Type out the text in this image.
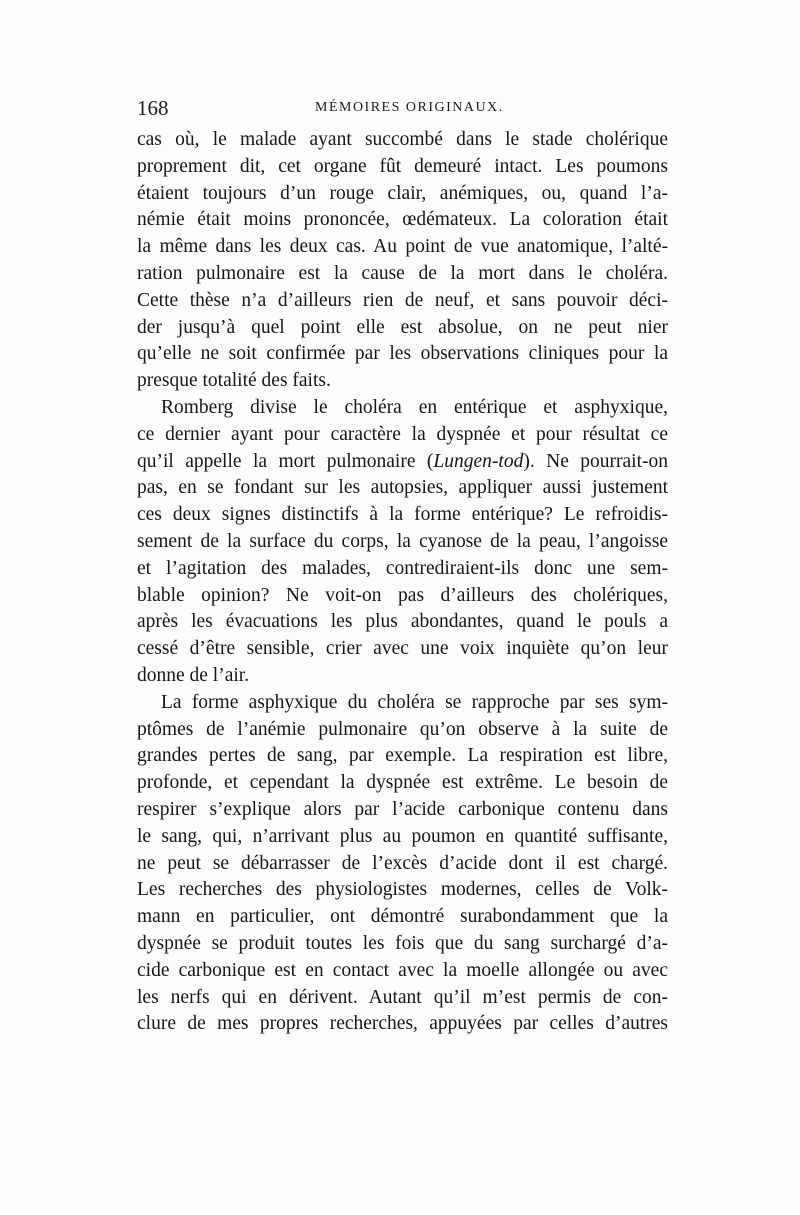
168	MÉMOIRES ORIGINAUX.
cas où, le malade ayant succombé dans le stade cholérique
proprement dit, cet organe fût demeuré intact. Les poumons
étaient toujours d’un rouge clair, anémiques, ou, quand l’a-
némie était moins prononcée, œdémateux. La coloration était
la même dans les deux cas. Au point de vue anatomique, l’alté-
ration pulmonaire est la cause de la mort dans le choléra.
Cette thèse n’a d’ailleurs rien de neuf, et sans pouvoir déci-
der jusqu’à quel point elle est absolue, on ne peut nier
qu’elle ne soit confirmée par les observations cliniques pour la
presque totalité des faits.
Romberg divise le choléra en entérique et asphyxique,
ce dernier ayant pour caractère la dyspnée et pour résultat ce
qu’il appelle la mort pulmonaire (Lungen-tod). Ne pourrait-on
pas, en se fondant sur les autopsies, appliquer aussi justement
ces deux signes distinctifs à la forme entérique? Le refroidis-
sement de la surface du corps, la cyanose de la peau, l’angoisse
et l’agitation des malades, contrediraient-ils donc une sem-
blable opinion? Ne voit-on pas d’ailleurs des cholériques,
après les évacuations les plus abondantes, quand le pouls a
cessé d’être sensible, crier avec une voix inquiète qu’on leur
donne de l’air.
La forme asphyxique du choléra se rapproche par ses sym-
ptômes de l’anémie pulmonaire qu’on observe à la suite de
grandes pertes de sang, par exemple. La respiration est libre,
profonde, et cependant la dyspnée est extrême. Le besoin de
respirer s’explique alors par l’acide carbonique contenu dans
le sang, qui, n’arrivant plus au poumon en quantité suffisante,
ne peut se débarrasser de l’excès d’acide dont il est chargé.
Les recherches des physiologistes modernes, celles de Volk-
mann en particulier, ont démontré surabondamment que la
dyspnée se produit toutes les fois que du sang surchargé d’a-
cide carbonique est en contact avec la moelle allongée ou avec
les nerfs qui en dérivent. Autant qu’il m’est permis de con-
clure de mes propres recherches, appuyées par celles d’autres
